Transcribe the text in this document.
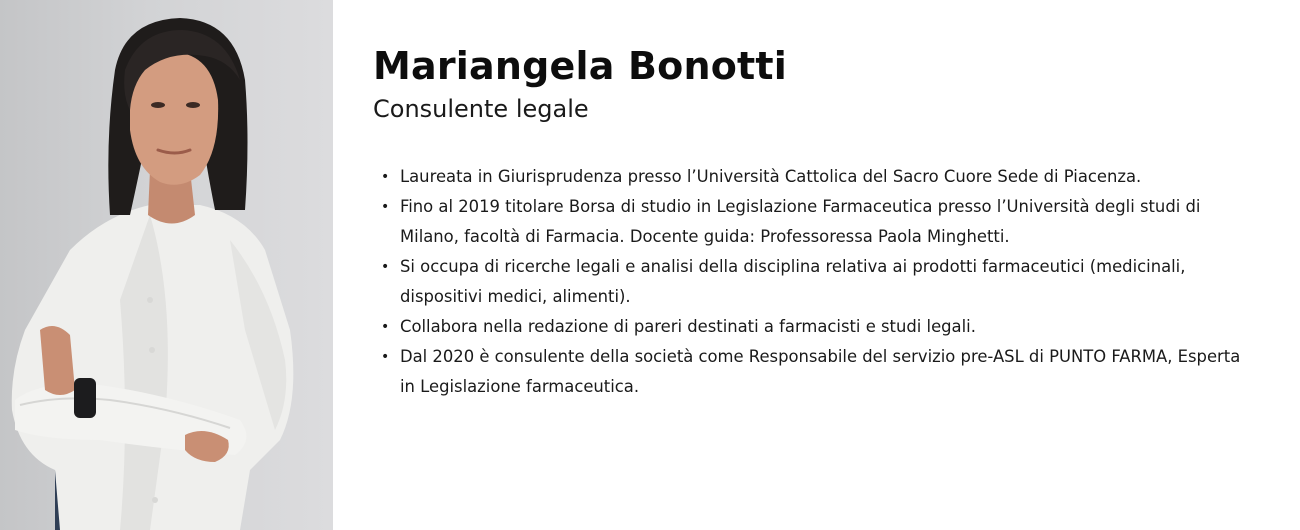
Mariangela Bonotti
Consulente legale
• Laureata in Giurisprudenza presso l’Università Cattolica del Sacro Cuore Sede di Piacenza.
• Fino al 2019 titolare Borsa di studio in Legislazione Farmaceutica presso l’Università degli studi di Milano, facoltà di Farmacia. Docente guida: Professoressa Paola Minghetti.
• Si occupa di ricerche legali e analisi della disciplina relativa ai prodotti farmaceutici (medicinali, dispositivi medici, alimenti).
• Collabora nella redazione di pareri destinati a farmacisti e studi legali.
• Dal 2020 è consulente della società come Responsabile del servizio pre-ASL di PUNTO FARMA, Esperta in Legislazione farmaceutica.
